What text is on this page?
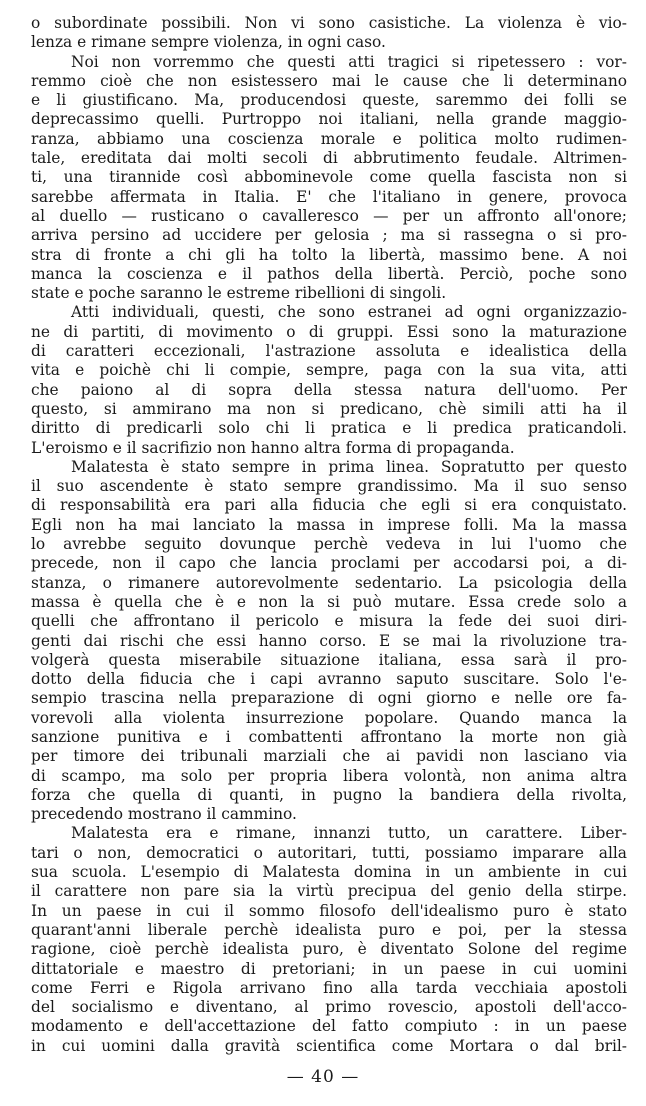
o subordinate possibili. Non vi sono casistiche. La violenza è vio-
lenza e rimane sempre violenza, in ogni caso.

Noi non vorremmo che questi atti tragici si ripetessero : vor-
remmo cioè che non esistessero mai le cause che li determinano
e li giustificano. Ma, producendosi queste, saremmo dei folli se
deprecassimo quelli. Purtroppo noi italiani, nella grande maggio-
ranza, abbiamo una coscienza morale e politica molto rudimen-
tale, ereditata dai molti secoli di abbrutimento feudale. Altrimen-
ti, una tirannide così abbominevole come quella fascista non si
sarebbe affermata in Italia. E' che l'italiano in genere, provoca
al duello — rusticano o cavalleresco — per un affronto all'onore;
arriva persino ad uccidere per gelosia ; ma si rassegna o si pro-
stra di fronte a chi gli ha tolto la libertà, massimo bene. A noi
manca la coscienza e il pathos della libertà. Perciò, poche sono
state e poche saranno le estreme ribellioni di singoli.

Atti individuali, questi, che sono estranei ad ogni organizzazio-
ne di partiti, di movimento o di gruppi. Essi sono la maturazione
di caratteri eccezionali, l'astrazione assoluta e idealistica della
vita e poichè chi li compie, sempre, paga con la sua vita, atti
che paiono al di sopra della stessa natura dell'uomo. Per
questo, si ammirano ma non si predicano, chè simili atti ha il
diritto di predicarli solo chi li pratica e li predica praticandoli.
L'eroismo e il sacrifizio non hanno altra forma di propaganda.

Malatesta è stato sempre in prima linea. Sopratutto per questo
il suo ascendente è stato sempre grandissimo. Ma il suo senso
di responsabilità era pari alla fiducia che egli si era conquistato.
Egli non ha mai lanciato la massa in imprese folli. Ma la massa
lo avrebbe seguito dovunque perchè vedeva in lui l'uomo che
precede, non il capo che lancia proclami per accodarsi poi, a di-
stanza, o rimanere autorevolmente sedentario. La psicologia della
massa è quella che è e non la si può mutare. Essa crede solo a
quelli che affrontano il pericolo e misura la fede dei suoi diri-
genti dai rischi che essi hanno corso. E se mai la rivoluzione tra-
volgerà questa miserabile situazione italiana, essa sarà il pro-
dotto della fiducia che i capi avranno saputo suscitare. Solo l'e-
sempio trascina nella preparazione di ogni giorno e nelle ore fa-
vorevoli alla violenta insurrezione popolare. Quando manca la
sanzione punitiva e i combattenti affrontano la morte non già
per timore dei tribunali marziali che ai pavidi non lasciano via
di scampo, ma solo per propria libera volontà, non anima altra
forza che quella di quanti, in pugno la bandiera della rivolta,
precedendo mostrano il cammino.

Malatesta era e rimane, innanzi tutto, un carattere. Liber-
tari o non, democratici o autoritari, tutti, possiamo imparare alla
sua scuola. L'esempio di Malatesta domina in un ambiente in cui
il carattere non pare sia la virtù precipua del genio della stirpe.
In un paese in cui il sommo filosofo dell'idealismo puro è stato
quarant'anni liberale perchè idealista puro e poi, per la stessa
ragione, cioè perchè idealista puro, è diventato Solone del regime
dittatoriale e maestro di pretoriani; in un paese in cui uomini
come Ferri e Rigola arrivano fino alla tarda vecchiaia apostoli
del socialismo e diventano, al primo rovescio, apostoli dell'acco-
modamento e dell'accettazione del fatto compiuto : in un paese
in cui uomini dalla gravità scientifica come Mortara o dal bril-

— 40 —
